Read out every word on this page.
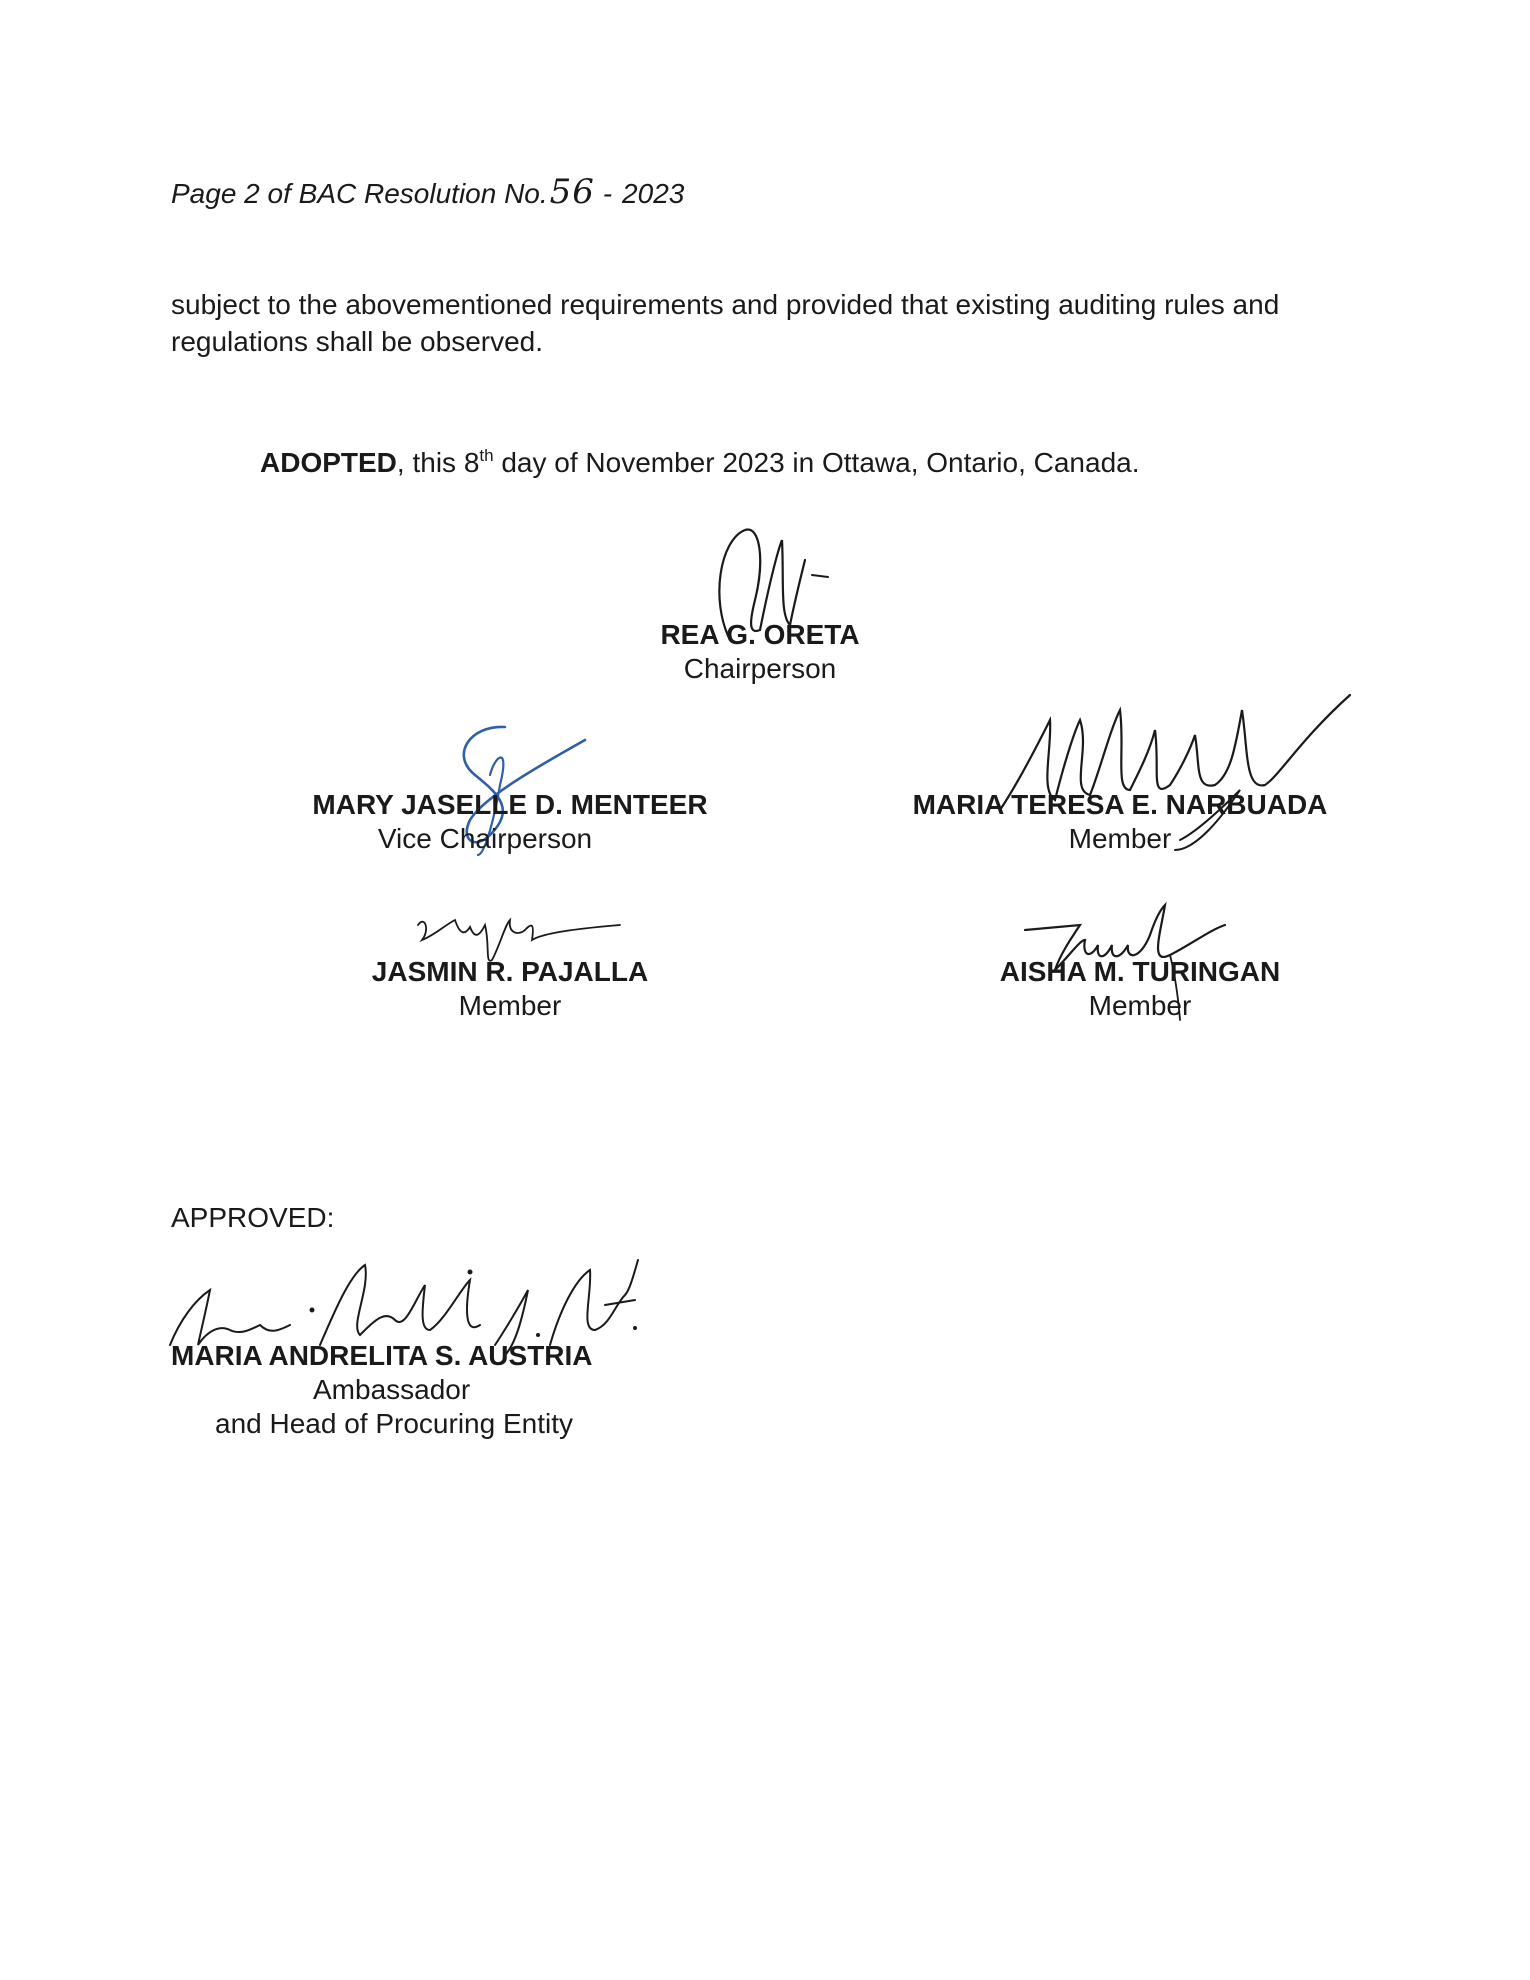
Page 2 of BAC Resolution No.56 - 2023
subject to the abovementioned requirements and provided that existing auditing rules and regulations shall be observed.
ADOPTED, this 8th day of November 2023 in Ottawa, Ontario, Canada.
REA G. ORETA
Chairperson
MARY JASELLE D. MENTEER
Vice Chairperson
MARIA TERESA E. NARBUADA
Member
JASMIN R. PAJALLA
Member
AISHA M. TURINGAN
Member
APPROVED:
MARIA ANDRELITA S. AUSTRIA
Ambassador
and Head of Procuring Entity
